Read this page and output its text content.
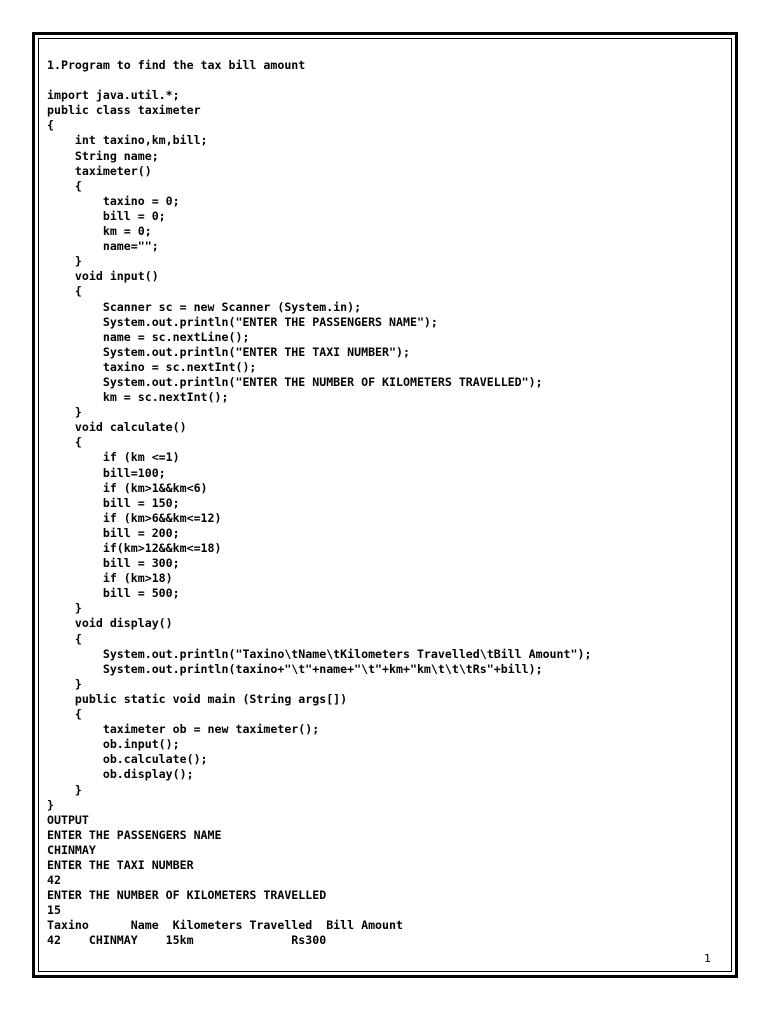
1.Program to find the tax bill amount
import java.util.*;
public class taximeter
{
int taxino,km,bill;
String name;
taximeter()
{
taxino = 0;
bill = 0;
km = 0;
name="";
}
void input()
{
Scanner sc = new Scanner (System.in);
System.out.println("ENTER THE PASSENGERS NAME");
name = sc.nextLine();
System.out.println("ENTER THE TAXI NUMBER");
taxino = sc.nextInt();
System.out.println("ENTER THE NUMBER OF KILOMETERS TRAVELLED");
km = sc.nextInt();
}
void calculate()
{
if (km <=1)
bill=100;
if (km>1&&km<6)
bill = 150;
if (km>6&&km<=12)
bill = 200;
if(km>12&&km<=18)
bill = 300;
if (km>18)
bill = 500;
}
void display()
{
System.out.println("Taxino\tName\tKilometers Travelled\tBill Amount");
System.out.println(taxino+"\t"+name+"\t"+km+"km\t\t\tRs"+bill);
}
public static void main (String args[])
{
taximeter ob = new taximeter();
ob.input();
ob.calculate();
ob.display();
}
}
OUTPUT
ENTER THE PASSENGERS NAME
CHINMAY
ENTER THE TAXI NUMBER
42
ENTER THE NUMBER OF KILOMETERS TRAVELLED
15
Taxino      Name  Kilometers Travelled  Bill Amount
42    CHINMAY    15km              Rs300
1
